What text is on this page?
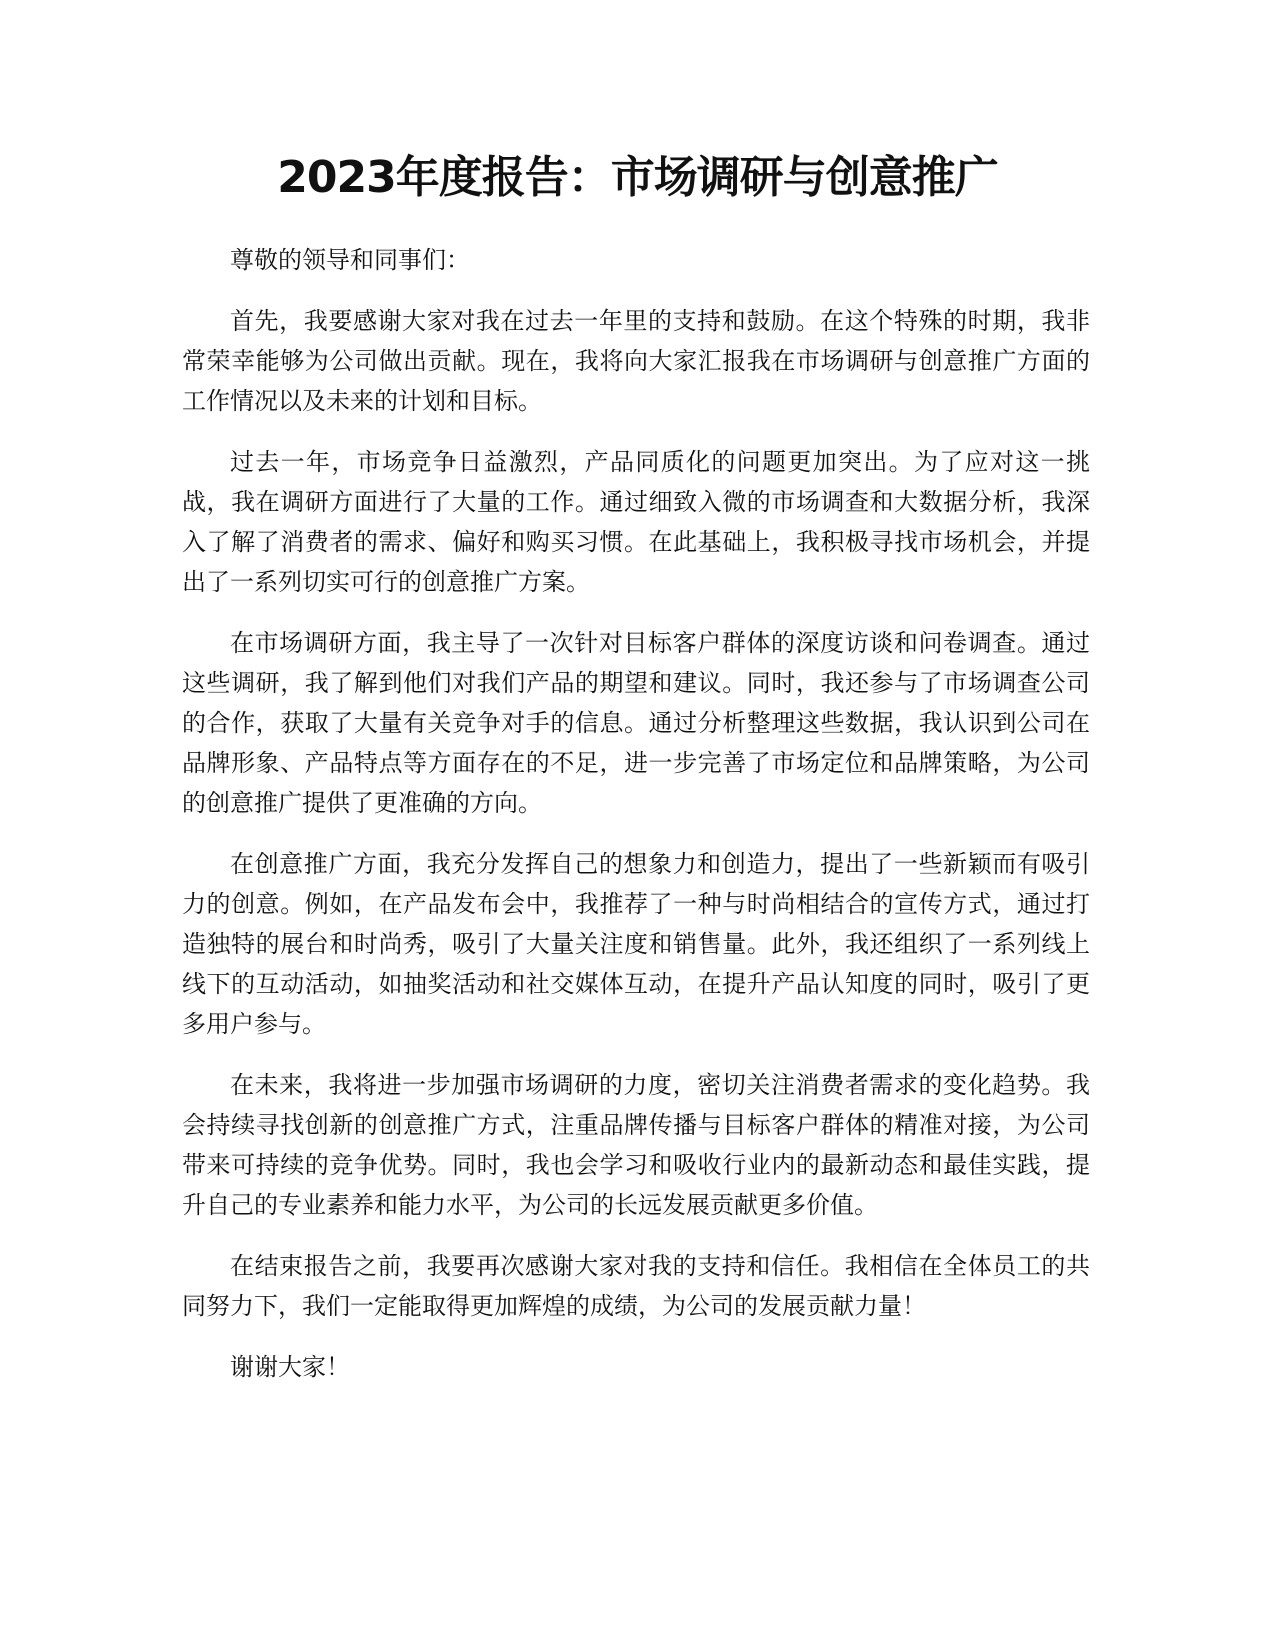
2023年度报告：市场调研与创意推广

尊敬的领导和同事们：

首先，我要感谢大家对我在过去一年里的支持和鼓励。在这个特殊的时期，我非常荣幸能够为公司做出贡献。现在，我将向大家汇报我在市场调研与创意推广方面的工作情况以及未来的计划和目标。

过去一年，市场竞争日益激烈，产品同质化的问题更加突出。为了应对这一挑战，我在调研方面进行了大量的工作。通过细致入微的市场调查和大数据分析，我深入了解了消费者的需求、偏好和购买习惯。在此基础上，我积极寻找市场机会，并提出了一系列切实可行的创意推广方案。

在市场调研方面，我主导了一次针对目标客户群体的深度访谈和问卷调查。通过这些调研，我了解到他们对我们产品的期望和建议。同时，我还参与了市场调查公司的合作，获取了大量有关竞争对手的信息。通过分析整理这些数据，我认识到公司在品牌形象、产品特点等方面存在的不足，进一步完善了市场定位和品牌策略，为公司的创意推广提供了更准确的方向。

在创意推广方面，我充分发挥自己的想象力和创造力，提出了一些新颖而有吸引力的创意。例如，在产品发布会中，我推荐了一种与时尚相结合的宣传方式，通过打造独特的展台和时尚秀，吸引了大量关注度和销售量。此外，我还组织了一系列线上线下的互动活动，如抽奖活动和社交媒体互动，在提升产品认知度的同时，吸引了更多用户参与。

在未来，我将进一步加强市场调研的力度，密切关注消费者需求的变化趋势。我会持续寻找创新的创意推广方式，注重品牌传播与目标客户群体的精准对接，为公司带来可持续的竞争优势。同时，我也会学习和吸收行业内的最新动态和最佳实践，提升自己的专业素养和能力水平，为公司的长远发展贡献更多价值。

在结束报告之前，我要再次感谢大家对我的支持和信任。我相信在全体员工的共同努力下，我们一定能取得更加辉煌的成绩，为公司的发展贡献力量！

谢谢大家！
